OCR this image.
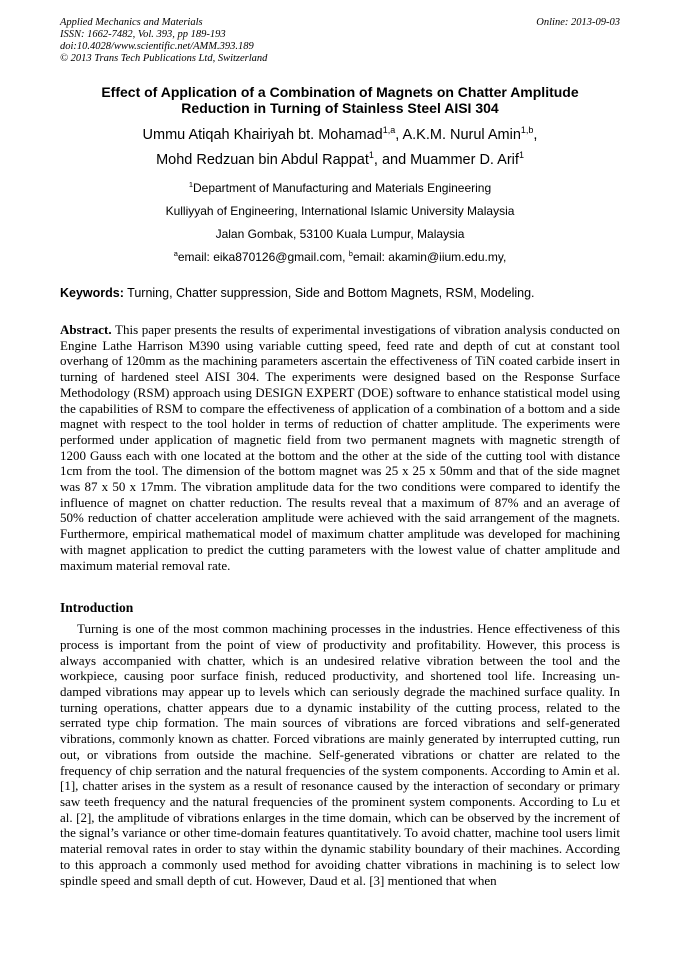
Applied Mechanics and Materials
ISSN: 1662-7482, Vol. 393, pp 189-193
doi:10.4028/www.scientific.net/AMM.393.189
© 2013 Trans Tech Publications Ltd, Switzerland
Online: 2013-09-03
Effect of Application of a Combination of Magnets on Chatter Amplitude
Reduction in Turning of Stainless Steel AISI 304
Ummu Atiqah Khairiyah bt. Mohamad$^{1,a}$, A.K.M. Nurul Amin$^{1,b}$,
Mohd Redzuan bin Abdul Rappat$^1$, and Muammer D. Arif$^1$
$^1$Department of Manufacturing and Materials Engineering
Kulliyyah of Engineering, International Islamic University Malaysia
Jalan Gombak, 53100 Kuala Lumpur, Malaysia
$^a$email: eika870126@gmail.com, $^b$email: akamin@iium.edu.my,

Keywords: Turning, Chatter suppression, Side and Bottom Magnets, RSM, Modeling.

Abstract. This paper presents the results of experimental investigations of vibration analysis conducted on Engine Lathe Harrison M390 using variable cutting speed, feed rate and depth of cut at constant tool overhang of 120mm as the machining parameters ascertain the effectiveness of TiN coated carbide insert in turning of hardened steel AISI 304. The experiments were designed based on the Response Surface Methodology (RSM) approach using DESIGN EXPERT (DOE) software to enhance statistical model using the capabilities of RSM to compare the effectiveness of application of a combination of a bottom and a side magnet with respect to the tool holder in terms of reduction of chatter amplitude. The experiments were performed under application of magnetic field from two permanent magnets with magnetic strength of 1200 Gauss each with one located at the bottom and the other at the side of the cutting tool with distance 1cm from the tool. The dimension of the bottom magnet was 25 x 25 x 50mm and that of the side magnet was 87 x 50 x 17mm. The vibration amplitude data for the two conditions were compared to identify the influence of magnet on chatter reduction. The results reveal that a maximum of 87% and an average of 50% reduction of chatter acceleration amplitude were achieved with the said arrangement of the magnets. Furthermore, empirical mathematical model of maximum chatter amplitude was developed for machining with magnet application to predict the cutting parameters with the lowest value of chatter amplitude and maximum material removal rate.

Introduction

Turning is one of the most common machining processes in the industries. Hence effectiveness of this process is important from the point of view of productivity and profitability. However, this process is always accompanied with chatter, which is an undesired relative vibration between the tool and the workpiece, causing poor surface finish, reduced productivity, and shortened tool life. Increasing un-damped vibrations may appear up to levels which can seriously degrade the machined surface quality. In turning operations, chatter appears due to a dynamic instability of the cutting process, related to the serrated type chip formation. The main sources of vibrations are forced vibrations and self-generated vibrations, commonly known as chatter. Forced vibrations are mainly generated by interrupted cutting, run out, or vibrations from outside the machine. Self-generated vibrations or chatter are related to the frequency of chip serration and the natural frequencies of the system components. According to Amin et al. [1], chatter arises in the system as a result of resonance caused by the interaction of secondary or primary saw teeth frequency and the natural frequencies of the prominent system components. According to Lu et al. [2], the amplitude of vibrations enlarges in the time domain, which can be observed by the increment of the signal’s variance or other time-domain features quantitatively. To avoid chatter, machine tool users limit material removal rates in order to stay within the dynamic stability boundary of their machines. According to this approach a commonly used method for avoiding chatter vibrations in machining is to select low spindle speed and small depth of cut. However, Daud et al. [3] mentioned that when
